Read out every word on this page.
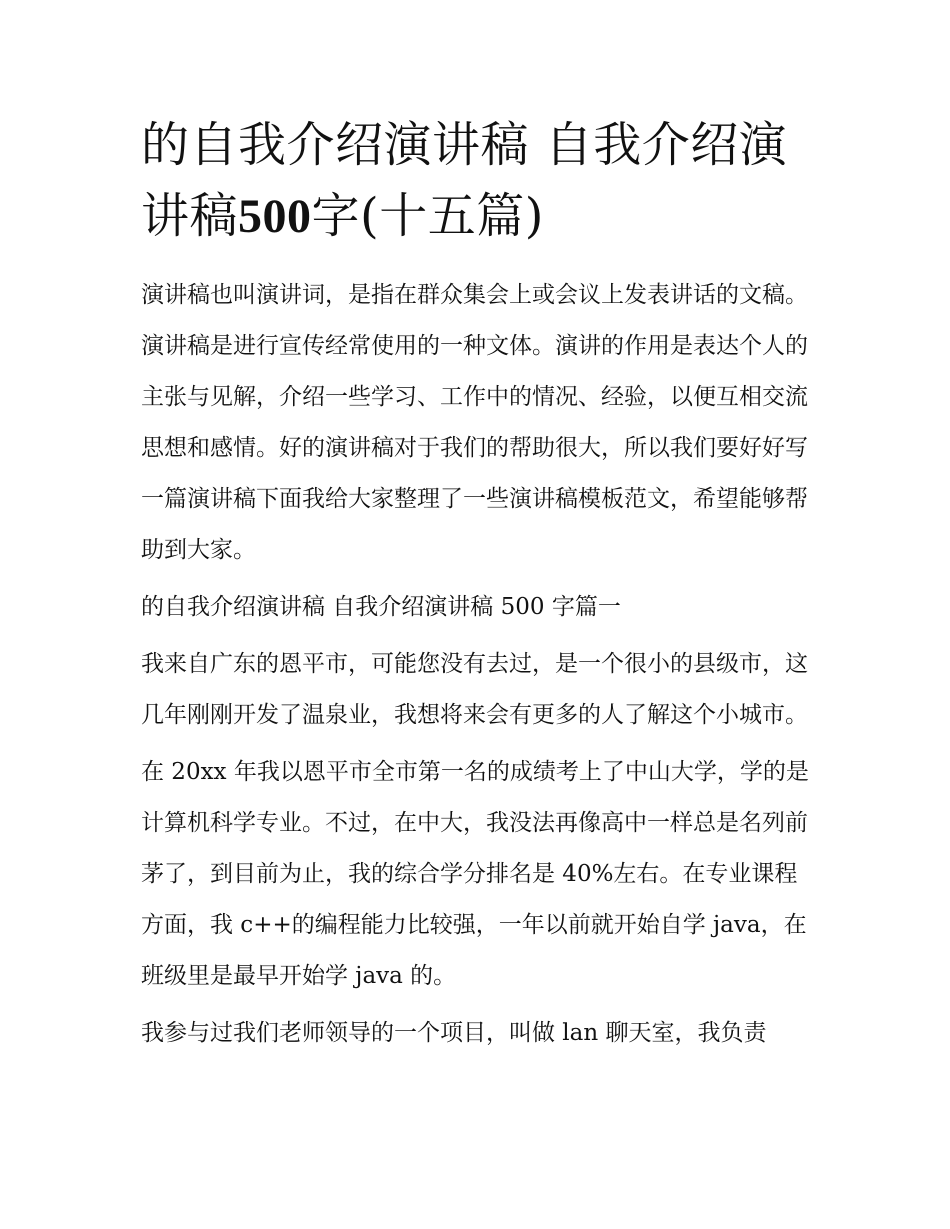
的自我介绍演讲稿 自我介绍演讲稿500字(十五篇)

演讲稿也叫演讲词，是指在群众集会上或会议上发表讲话的文稿。演讲稿是进行宣传经常使用的一种文体。演讲的作用是表达个人的主张与见解，介绍一些学习、工作中的情况、经验，以便互相交流思想和感情。好的演讲稿对于我们的帮助很大，所以我们要好好写一篇演讲稿下面我给大家整理了一些演讲稿模板范文，希望能够帮助到大家。

的自我介绍演讲稿 自我介绍演讲稿 500 字篇一

我来自广东的恩平市，可能您没有去过，是一个很小的县级市，这几年刚刚开发了温泉业，我想将来会有更多的人了解这个小城市。

在 20xx 年我以恩平市全市第一名的成绩考上了中山大学，学的是计算机科学专业。不过，在中大，我没法再像高中一样总是名列前茅了，到目前为止，我的综合学分排名是 40%左右。在专业课程方面，我 c++的编程能力比较强，一年以前就开始自学 java，在班级里是最早开始学 java 的。

我参与过我们老师领导的一个项目，叫做 lan 聊天室，我负责
